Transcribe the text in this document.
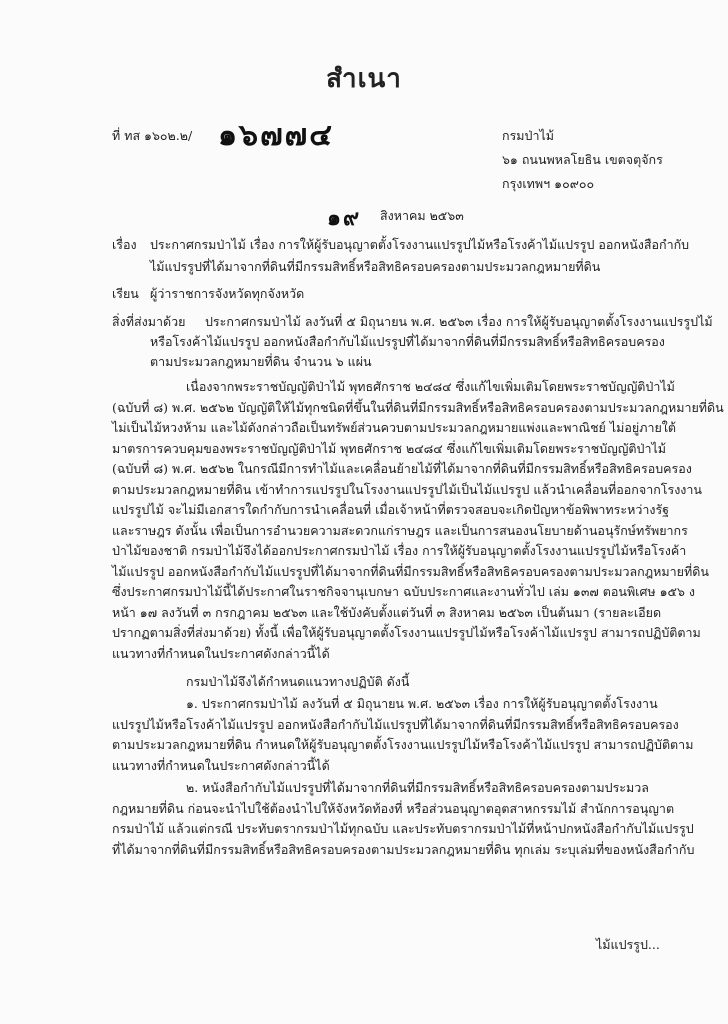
สำเนา
ที่ ทส ๑๖๐๒.๒/ ๑๖๗๗๔	กรมป่าไม้
๖๑ ถนนพหลโยธิน เขตจตุจักร
กรุงเทพฯ ๑๐๙๐๐
๑๙ สิงหาคม ๒๕๖๓
เรื่อง ประกาศกรมป่าไม้ เรื่อง การให้ผู้รับอนุญาตตั้งโรงงานแปรรูปไม้หรือโรงค้าไม้แปรรูป ออกหนังสือกำกับ
ไม้แปรรูปที่ได้มาจากที่ดินที่มีกรรมสิทธิ์หรือสิทธิครอบครองตามประมวลกฎหมายที่ดิน
เรียน ผู้ว่าราชการจังหวัดทุกจังหวัด
สิ่งที่ส่งมาด้วย ประกาศกรมป่าไม้ ลงวันที่ ๕ มิถุนายน พ.ศ. ๒๕๖๓ เรื่อง การให้ผู้รับอนุญาตตั้งโรงงานแปรรูปไม้
หรือโรงค้าไม้แปรรูป ออกหนังสือกำกับไม้แปรรูปที่ได้มาจากที่ดินที่มีกรรมสิทธิ์หรือสิทธิครอบครอง
ตามประมวลกฎหมายที่ดิน จำนวน ๖ แผ่น

เนื่องจากพระราชบัญญัติป่าไม้ พุทธศักราช ๒๔๘๔ ซึ่งแก้ไขเพิ่มเติมโดยพระราชบัญญัติป่าไม้

(ฉบับที่ ๘) พ.ศ. ๒๕๖๒ บัญญัติให้ไม้ทุกชนิดที่ขึ้นในที่ดินที่มีกรรมสิทธิ์หรือสิทธิครอบครองตามประมวลกฎหมายที่ดิน

ไม่เป็นไม้หวงห้าม และไม้ดังกล่าวถือเป็นทรัพย์ส่วนควบตามประมวลกฎหมายแพ่งและพาณิชย์ ไม่อยู่ภายใต้

มาตรการควบคุมของพระราชบัญญัติป่าไม้ พุทธศักราช ๒๔๘๔ ซึ่งแก้ไขเพิ่มเติมโดยพระราชบัญญัติป่าไม้

(ฉบับที่ ๘) พ.ศ. ๒๕๖๒ ในกรณีมีการทำไม้และเคลื่อนย้ายไม้ที่ได้มาจากที่ดินที่มีกรรมสิทธิ์หรือสิทธิครอบครอง

ตามประมวลกฎหมายที่ดิน เข้าทำการแปรรูปในโรงงานแปรรูปไม้เป็นไม้แปรรูป แล้วนำเคลื่อนที่ออกจากโรงงาน

แปรรูปไม้ จะไม่มีเอกสารใดกำกับการนำเคลื่อนที่ เมื่อเจ้าหน้าที่ตรวจสอบจะเกิดปัญหาข้อพิพาทระหว่างรัฐ

และราษฎร ดังนั้น เพื่อเป็นการอำนวยความสะดวกแก่ราษฎร และเป็นการสนองนโยบายด้านอนุรักษ์ทรัพยากร

ป่าไม้ของชาติ กรมป่าไม้จึงได้ออกประกาศกรมป่าไม้ เรื่อง การให้ผู้รับอนุญาตตั้งโรงงานแปรรูปไม้หรือโรงค้า

ไม้แปรรูป ออกหนังสือกำกับไม้แปรรูปที่ได้มาจากที่ดินที่มีกรรมสิทธิ์หรือสิทธิครอบครองตามประมวลกฎหมายที่ดิน

ซึ่งประกาศกรมป่าไม้นี้ได้ประกาศในราชกิจจานุเบกษา ฉบับประกาศและงานทั่วไป เล่ม ๑๓๗ ตอนพิเศษ ๑๕๖ ง

หน้า ๑๗ ลงวันที่ ๓ กรกฎาคม ๒๕๖๓ และใช้บังคับตั้งแต่วันที่ ๓ สิงหาคม ๒๕๖๓ เป็นต้นมา (รายละเอียด

ปรากฏตามสิ่งที่ส่งมาด้วย) ทั้งนี้ เพื่อให้ผู้รับอนุญาตตั้งโรงงานแปรรูปไม้หรือโรงค้าไม้แปรรูป สามารถปฏิบัติตาม

แนวทางที่กำหนดในประกาศดังกล่าวนี้ได้

กรมป่าไม้จึงได้กำหนดแนวทางปฏิบัติ ดังนี้

๑. ประกาศกรมป่าไม้ ลงวันที่ ๕ มิถุนายน พ.ศ. ๒๕๖๓ เรื่อง การให้ผู้รับอนุญาตตั้งโรงงาน

แปรรูปไม้หรือโรงค้าไม้แปรรูป ออกหนังสือกำกับไม้แปรรูปที่ได้มาจากที่ดินที่มีกรรมสิทธิ์หรือสิทธิครอบครอง

ตามประมวลกฎหมายที่ดิน กำหนดให้ผู้รับอนุญาตตั้งโรงงานแปรรูปไม้หรือโรงค้าไม้แปรรูป สามารถปฏิบัติตาม

แนวทางที่กำหนดในประกาศดังกล่าวนี้ได้

๒. หนังสือกำกับไม้แปรรูปที่ได้มาจากที่ดินที่มีกรรมสิทธิ์หรือสิทธิครอบครองตามประมวล

กฎหมายที่ดิน ก่อนจะนำไปใช้ต้องนำไปให้จังหวัดท้องที่ หรือส่วนอนุญาตอุตสาหกรรมไม้ สำนักการอนุญาต

กรมป่าไม้ แล้วแต่กรณี ประทับตรากรมป่าไม้ทุกฉบับ และประทับตรากรมป่าไม้ที่หน้าปกหนังสือกำกับไม้แปรรูป

ที่ได้มาจากที่ดินที่มีกรรมสิทธิ์หรือสิทธิครอบครองตามประมวลกฎหมายที่ดิน ทุกเล่ม ระบุเล่มที่ของหนังสือกำกับ

ไม้แปรรูป...
